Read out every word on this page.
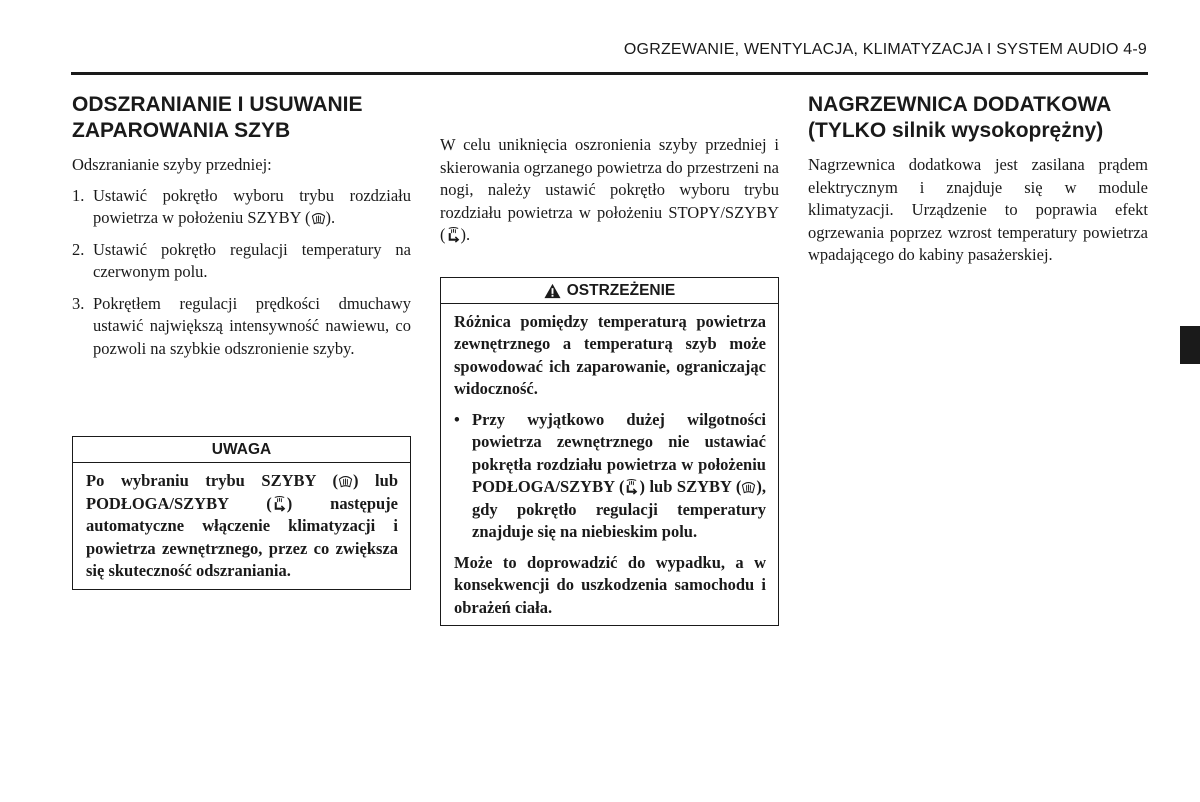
OGRZEWANIE, WENTYLACJA, KLIMATYZACJA I SYSTEM AUDIO 4-9
ODSZRANIANIE I USUWANIE
ZAPAROWANIA SZYB

Odszranianie szyby przedniej:

1. Ustawić pokrętło wyboru trybu rozdziału powietrza w położeniu SZYBY ( ).
2. Ustawić pokrętło regulacji temperatury na czerwonym polu.
3. Pokrętłem regulacji prędkości dmuchawy ustawić największą intensywność nawiewu, co pozwoli na szybkie odszronienie szyby.
UWAGA

Po wybraniu trybu SZYBY ( ) lub PODŁOGA/SZYBY ( ) następuje automatyczne włączenie klimatyzacji i powietrza zewnętrznego, przez co zwiększa się skuteczność odszraniania.

W celu uniknięcia oszronienia szyby przedniej i skierowania ogrzanego powietrza do przestrzeni na nogi, należy ustawić pokrętło wyboru trybu rozdziału powietrza w położeniu STOPY/SZYBY ( ).

OSTRZEŻENIE

Różnica pomiędzy temperaturą powietrza zewnętrznego a temperaturą szyb może spowodować ich zaparowanie, ograniczając widoczność.

• Przy wyjątkowo dużej wilgotności powietrza zewnętrznego nie ustawiać pokrętła rozdziału powietrza w położeniu PODŁOGA/SZYBY ( ) lub SZYBY ( ), gdy pokrętło regulacji temperatury znajduje się na niebieskim polu.

Może to doprowadzić do wypadku, a w konsekwencji do uszkodzenia samochodu i obrażeń ciała.

NAGRZEWNICA DODATKOWA
(TYLKO silnik wysokoprężny)

Nagrzewnica dodatkowa jest zasilana prądem elektrycznym i znajduje się w module klimatyzacji. Urządzenie to poprawia efekt ogrzewania poprzez wzrost temperatury powietrza wpadającego do kabiny pasażerskiej.
